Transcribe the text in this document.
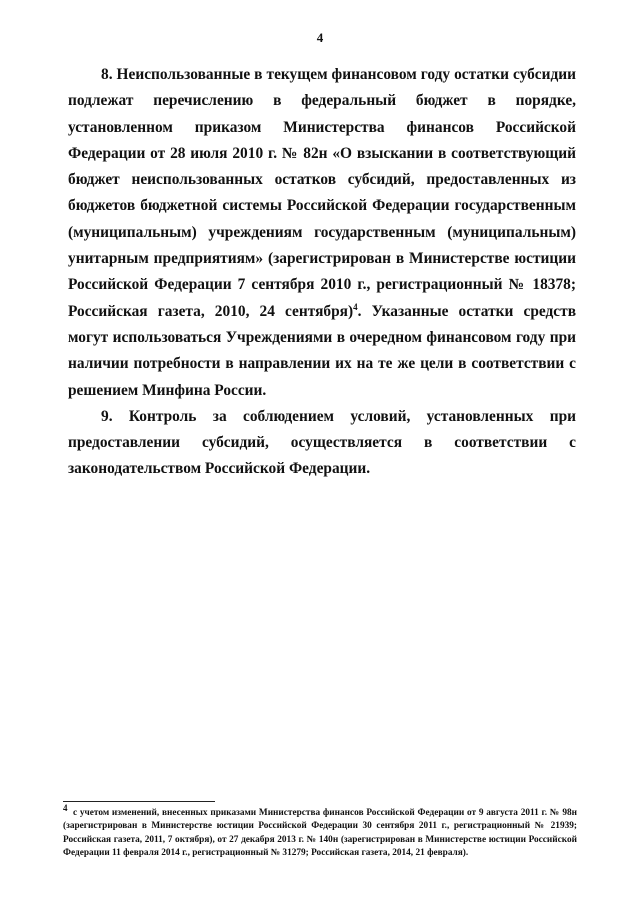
4

8. Неиспользованные в текущем финансовом году остатки субсидии подлежат перечислению в федеральный бюджет в порядке, установленном приказом Министерства финансов Российской Федерации от 28 июля 2010 г. № 82н «О взыскании в соответствующий бюджет неиспользованных остатков субсидий, предоставленных из бюджетов бюджетной системы Российской Федерации государственным (муниципальным) учреждениям государственным (муниципальным) унитарным предприятиям» (зарегистрирован в Министерстве юстиции Российской Федерации 7 сентября 2010 г., регистрационный № 18378; Российская газета, 2010, 24 сентября)$^4$. Указанные остатки средств могут использоваться Учреждениями в очередном финансовом году при наличии потребности в направлении их на те же цели в соответствии с решением Минфина России.

9. Контроль за соблюдением условий, установленных при предоставлении субсидий, осуществляется в соответствии с законодательством Российской Федерации.

$^4$  с учетом изменений, внесенных приказами Министерства финансов Российской Федерации от 9 августа 2011 г. № 98н (зарегистрирован в Министерстве юстиции Российской Федерации 30 сентября 2011 г., регистрационный № 21939; Российская газета, 2011, 7 октября), от 27 декабря 2013 г. № 140н (зарегистрирован в Министерстве юстиции Российской Федерации 11 февраля 2014 г., регистрационный № 31279; Российская газета, 2014, 21 февраля).
